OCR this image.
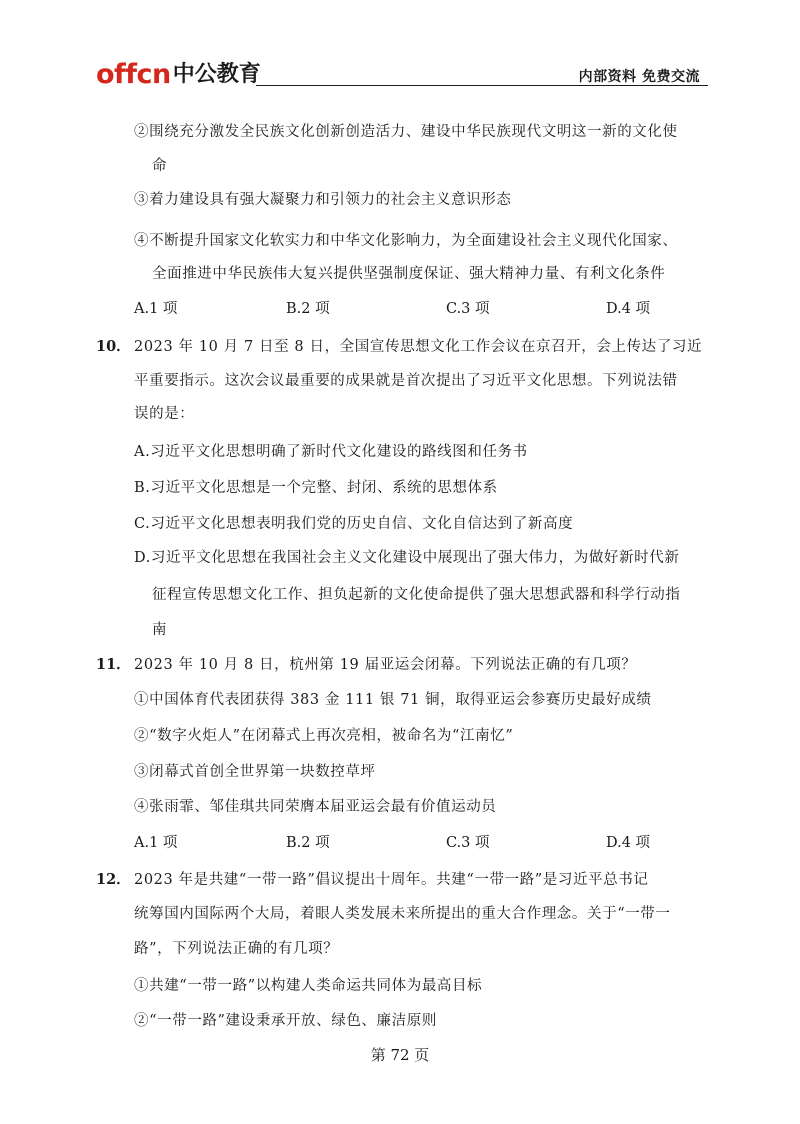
offcn 中公教育	内部资料 免费交流
②围绕充分激发全民族文化创新创造活力、建设中华民族现代文明这一新的文化使
命
③着力建设具有强大凝聚力和引领力的社会主义意识形态
④不断提升国家文化软实力和中华文化影响力，为全面建设社会主义现代化国家、
全面推进中华民族伟大复兴提供坚强制度保证、强大精神力量、有利文化条件
A.1 项	B.2 项	C.3 项	D.4 项
10． 2023 年 10 月 7 日至 8 日，全国宣传思想文化工作会议在京召开，会上传达了习近
平重要指示。这次会议最重要的成果就是首次提出了习近平文化思想。下列说法错
误的是：
A.习近平文化思想明确了新时代文化建设的路线图和任务书
B.习近平文化思想是一个完整、封闭、系统的思想体系
C.习近平文化思想表明我们党的历史自信、文化自信达到了新高度
D.习近平文化思想在我国社会主义文化建设中展现出了强大伟力，为做好新时代新
征程宣传思想文化工作、担负起新的文化使命提供了强大思想武器和科学行动指
南
11． 2023 年 10 月 8 日，杭州第 19 届亚运会闭幕。下列说法正确的有几项？
①中国体育代表团获得 383 金 111 银 71 铜，取得亚运会参赛历史最好成绩
②“数字火炬人”在闭幕式上再次亮相，被命名为“江南忆”
③闭幕式首创全世界第一块数控草坪
④张雨霏、邹佳琪共同荣膺本届亚运会最有价值运动员
A.1 项	B.2 项	C.3 项	D.4 项
12． 2023 年是共建“一带一路”倡议提出十周年。共建“一带一路”是习近平总书记
统筹国内国际两个大局，着眼人类发展未来所提出的重大合作理念。关于“一带一
路”，下列说法正确的有几项？
①共建“一带一路”以构建人类命运共同体为最高目标
②“一带一路”建设秉承开放、绿色、廉洁原则
第 72 页
